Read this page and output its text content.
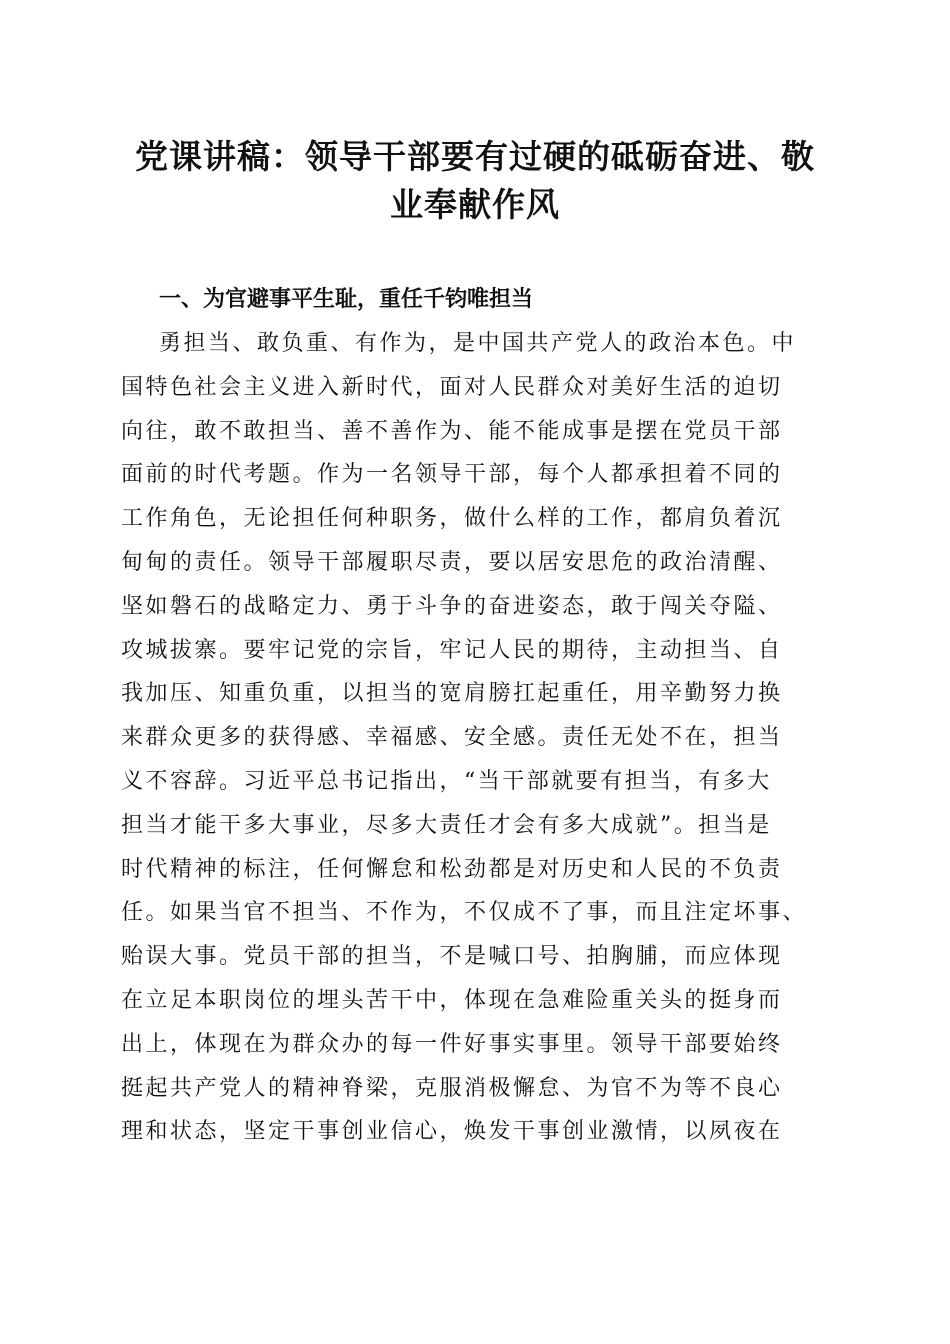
党课讲稿：领导干部要有过硬的砥砺奋进、敬
业奉献作风
一、为官避事平生耻，重任千钧唯担当
勇担当、敢负重、有作为，是中国共产党人的政治本色。中
国特色社会主义进入新时代，面对人民群众对美好生活的迫切
向往，敢不敢担当、善不善作为、能不能成事是摆在党员干部
面前的时代考题。作为一名领导干部，每个人都承担着不同的
工作角色，无论担任何种职务，做什么样的工作，都肩负着沉
甸甸的责任。领导干部履职尽责，要以居安思危的政治清醒、
坚如磐石的战略定力、勇于斗争的奋进姿态，敢于闯关夺隘、
攻城拔寨。要牢记党的宗旨，牢记人民的期待，主动担当、自
我加压、知重负重，以担当的宽肩膀扛起重任，用辛勤努力换
来群众更多的获得感、幸福感、安全感。责任无处不在，担当
义不容辞。习近平总书记指出，“当干部就要有担当，有多大
担当才能干多大事业，尽多大责任才会有多大成就”。担当是
时代精神的标注，任何懈怠和松劲都是对历史和人民的不负责
任。如果当官不担当、不作为，不仅成不了事，而且注定坏事、
贻误大事。党员干部的担当，不是喊口号、拍胸脯，而应体现
在立足本职岗位的埋头苦干中，体现在急难险重关头的挺身而
出上，体现在为群众办的每一件好事实事里。领导干部要始终
挺起共产党人的精神脊梁，克服消极懈怠、为官不为等不良心
理和状态，坚定干事创业信心，焕发干事创业激情，以夙夜在
